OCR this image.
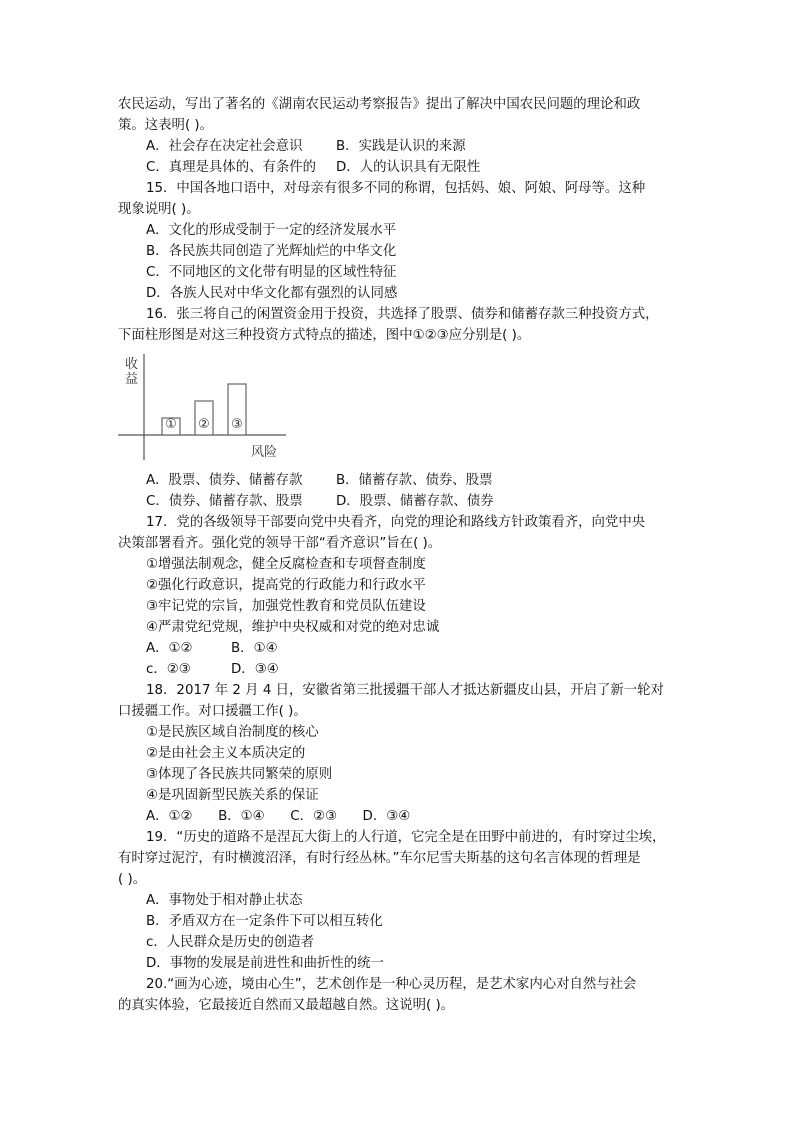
农民运动，写出了著名的《湖南农民运动考察报告》提出了解决中国农民问题的理论和政
策。这表明( )。
A．社会存在决定社会意识	B．实践是认识的来源
C．真理是具体的、有条件的	D．人的认识具有无限性
15．中国各地口语中，对母亲有很多不同的称谓，包括妈、娘、阿娘、阿母等。这种
现象说明( )。
A．文化的形成受制于一定的经济发展水平
B．各民族共同创造了光辉灿烂的中华文化
C．不同地区的文化带有明显的区域性特征
D．各族人民对中华文化都有强烈的认同感
16．张三将自己的闲置资金用于投资，共选择了股票、债券和储蓄存款三种投资方式，
下面柱形图是对这三种投资方式特点的描述，图中①②③应分别是( )。
收
益
风险
① ② ③
A．股票、债券、储蓄存款	B．储蓄存款、债券、股票
C．债券、储蓄存款、股票	D．股票、储蓄存款、债券
17．党的各级领导干部要向党中央看齐，向党的理论和路线方针政策看齐，向党中央
决策部署看齐。强化党的领导干部“看齐意识”旨在( )。
①增强法制观念，健全反腐检查和专项督查制度
②强化行政意识，提高党的行政能力和行政水平
③牢记党的宗旨，加强党性教育和党员队伍建设
④严肃党纪党规，维护中央权威和对党的绝对忠诚
A．①②	B．①④
c．②③	D．③④
18．2017 年 2 月 4 日，安徽省第三批援疆干部人才抵达新疆皮山县，开启了新一轮对
口援疆工作。对口援疆工作( )。
①是民族区域自治制度的核心
②是由社会主义本质决定的
③体现了各民族共同繁荣的原则
④是巩固新型民族关系的保证
A．①②      B．①④      C．②③      D．③④
19．“历史的道路不是涅瓦大街上的人行道，它完全是在田野中前进的，有时穿过尘埃，
有时穿过泥泞，有时横渡沼泽，有时行经丛林。”车尔尼雪夫斯基的这句名言体现的哲理是
( )。
A．事物处于相对静止状态
B．矛盾双方在一定条件下可以相互转化
c．人民群众是历史的创造者
D．事物的发展是前进性和曲折性的统一
20.“画为心迹，境由心生”，艺术创作是一种心灵历程，是艺术家内心对自然与社会
的真实体验，它最接近自然而又最超越自然。这说明( )。
